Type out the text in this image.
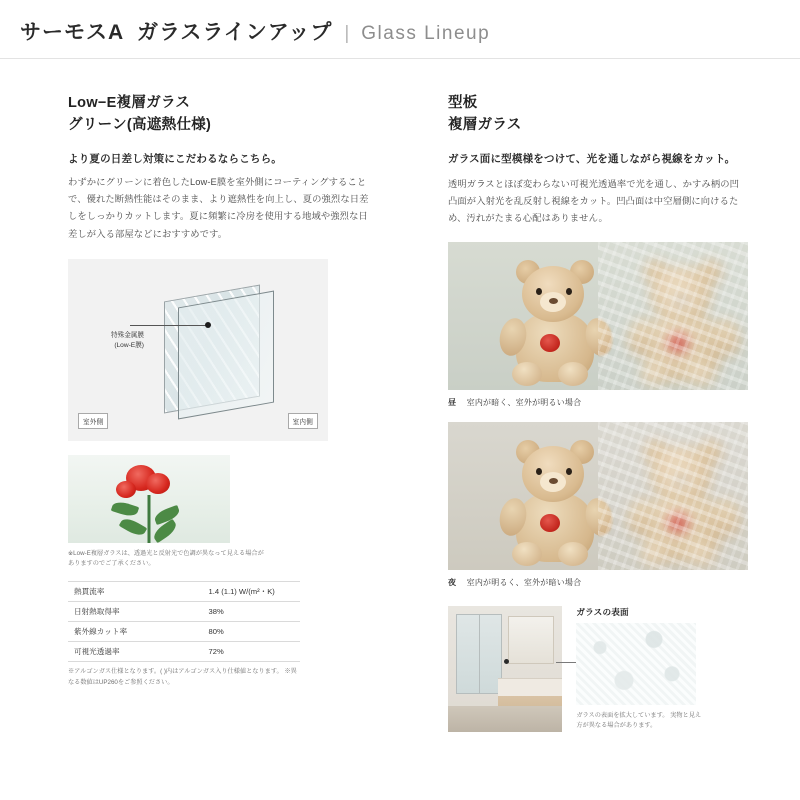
サーモスA  ガラスラインアップ | Glass Lineup
Low−E複層ガラス
グリーン(高遮熱仕様)

より夏の日差し対策にこだわるならこちら。

わずかにグリーンに着色したLow-E膜を室外側にコーティングすることで、優れた断熱性能はそのまま、より遮熱性を向上し、夏の強烈な日差しをしっかりカットします。夏に頻繁に冷房を使用する地域や強烈な日差しが入る部屋などにおすすめです。

特殊金属膜
(Low-E膜)
室外側	室内側
※Low-E複層ガラスは、透過光と反射光で色調が異なって見える場合がありますのでご了承ください。
熱貫流率	1.4 (1.1) W/(m²・K)
日射熱取得率	38%
紫外線カット率	80%
可視光透過率	72%
※アルゴンガス仕様となります。( )内はアルゴンガス入り仕様値となります。 ※異なる数値はUP260をご参照ください。
型板
複層ガラス

ガラス面に型模様をつけて、光を通しながら視線をカット。

透明ガラスとほぼ変わらない可視光透過率で光を通し、かすみ柄の凹凸面が入射光を乱反射し視線をカット。凹凸面は中空層側に向けるため、汚れがたまる心配はありません。

昼 室内が暗く、室外が明るい場合
夜 室内が明るく、室外が暗い場合
ガラスの表面
ガラスの表面を拡大しています。 実物と見え方が異なる場合があります。
